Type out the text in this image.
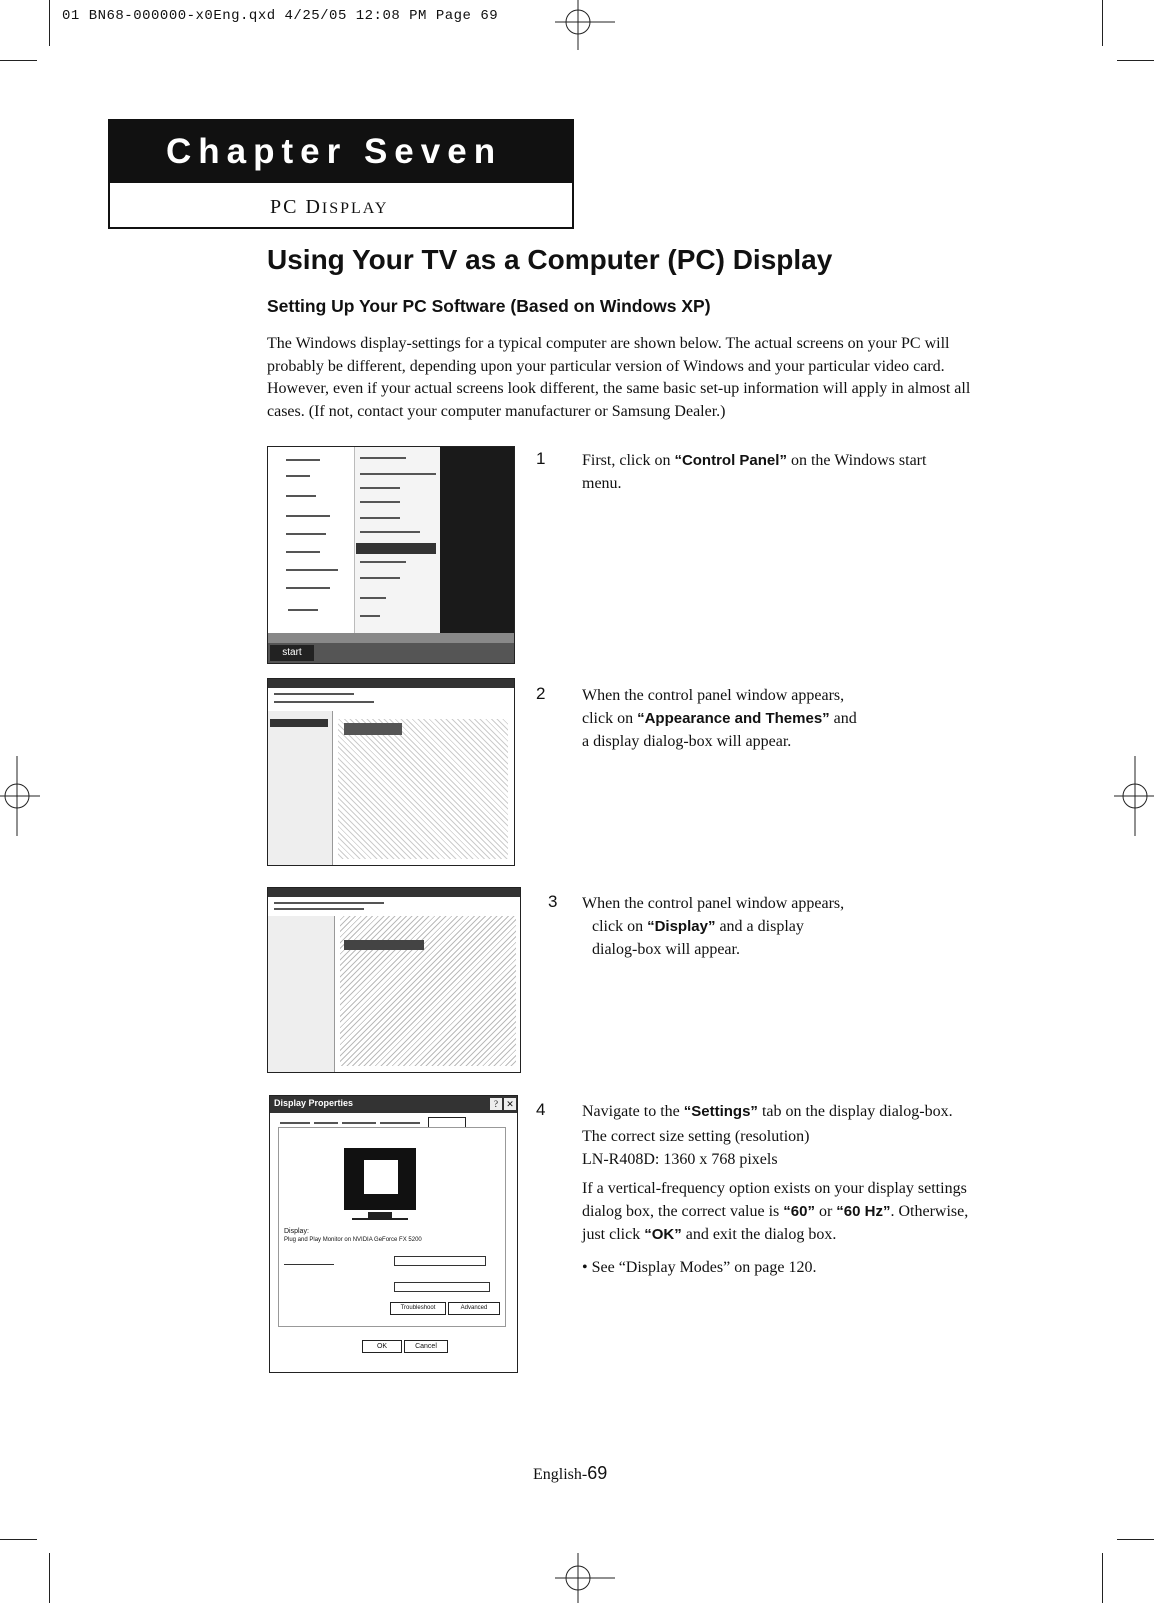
01 BN68-000000-x0Eng.qxd 4/25/05 12:08 PM Page 69
Chapter Seven
PC DISPLAY
Using Your TV as a Computer (PC) Display
Setting Up Your PC Software (Based on Windows XP)
The Windows display-settings for a typical computer are shown below. The actual screens on your PC will probably be different, depending upon your particular version of Windows and your particular video card. However, even if your actual screens look different, the same basic set-up information will apply in almost all cases. (If not, contact your computer manufacturer or Samsung Dealer.)
start
1 First, click on “Control Panel” on the Windows start menu.
2 When the control panel window appears,
click on “Appearance and Themes” and
a display dialog-box will appear.
3 When the control panel window appears,
click on “Display” and a display
dialog-box will appear.
Display Properties	✕
?
Display:
Plug and Play Monitor on NVIDIA GeForce FX 5200
Troubleshoot	Advanced
OK	Cancel
4 Navigate to the “Settings” tab on the display dialog-box.
The correct size setting (resolution)
LN-R408D: 1360 x 768 pixels
If a vertical-frequency option exists on your display settings dialog box, the correct value is “60” or “60 Hz”. Otherwise, just click “OK” and exit the dialog box.
• See “Display Modes” on page 120.
English-69
